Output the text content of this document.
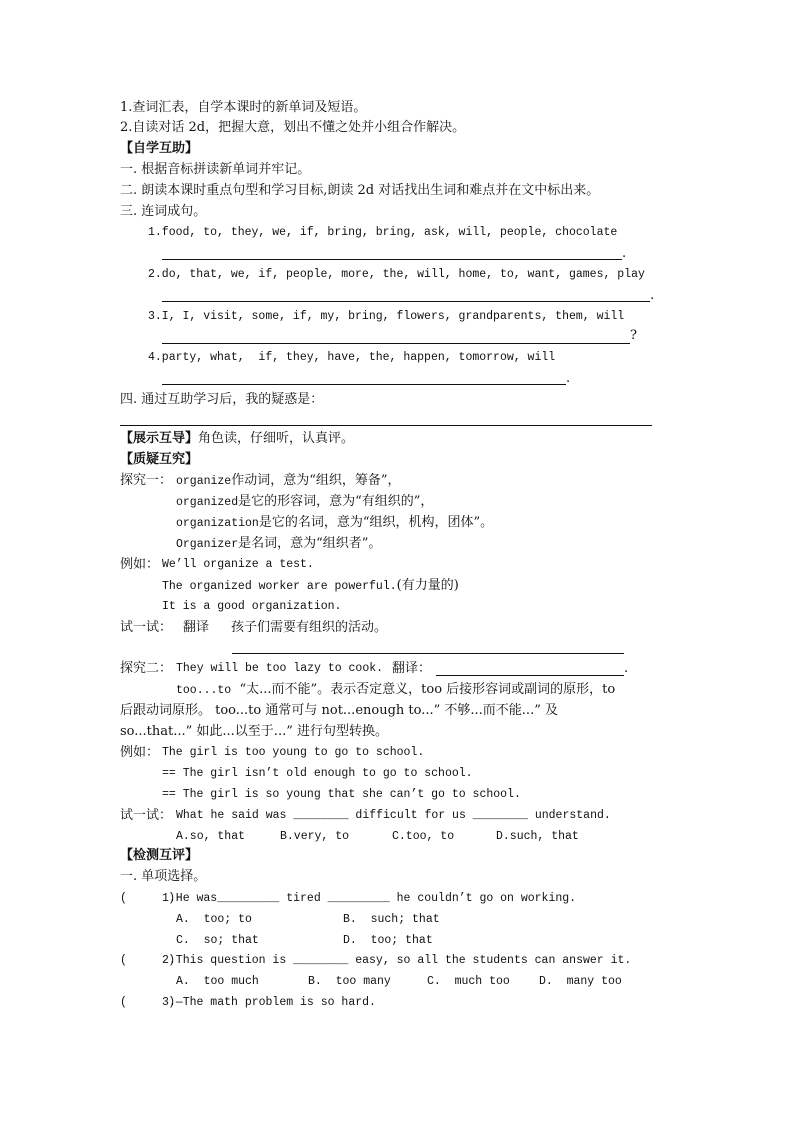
1.查词汇表，自学本课时的新单词及短语。
2.自读对话 2d，把握大意，划出不懂之处并小组合作解决。
【自学互助】
一. 根据音标拼读新单词并牢记。
二. 朗读本课时重点句型和学习目标,朗读 2d 对话找出生词和难点并在文中标出来。
三. 连词成句。
1.food, to, they, we, if, bring, bring, ask, will, people, chocolate
.
2.do, that, we, if, people, more, the, will, home, to, want, games, play
.
3.I, I, visit, some, if, my, bring, flowers, grandparents, them, will
?
4.party, what,  if, they, have, the, happen, tomorrow, will
.
四. 通过互助学习后，我的疑惑是：
【展示互导】角色读，仔细听，认真评。
【质疑互究】
探究一： organize作动词，意为“组织，筹备”，
organized是它的形容词，意为“有组织的”，
organization是它的名词，意为“组织，机构，团体”。
Organizer是名词，意为“组织者”。
例如： We’ll organize a test.
The organized worker are powerful.(有力量的)
It is a good organization.
试一试： 翻译 孩子们需要有组织的活动。
探究二： They will be too lazy to cook. 翻译：	.
too...to “太...而不能”。表示否定意义，too 后接形容词或副词的原形，to
后跟动词原形。 too...to 通常可与 not...enough to...” 不够...而不能...” 及
so...that...” 如此...以至于...” 进行句型转换。
例如： The girl is too young to go to school.
== The girl isn’t old enough to go to school.
== The girl is so young that she can’t go to school.
试一试： What he said was ________ difficult for us ________ understand.
A.so, that	B.very, to	C.too, to	D.such, that
【检测互评】
一. 单项选择。
(      )
1.He was_________ tired _________ he couldn’t go on working.
A.  too; to	B.  such; that
C.  so; that	D.  too; that
(      )
2.This question is ________ easy, so all the students can answer it.
A.  too much	B.  too many	C.  much too	D.  many too
(      )
3.—The math problem is so hard.
